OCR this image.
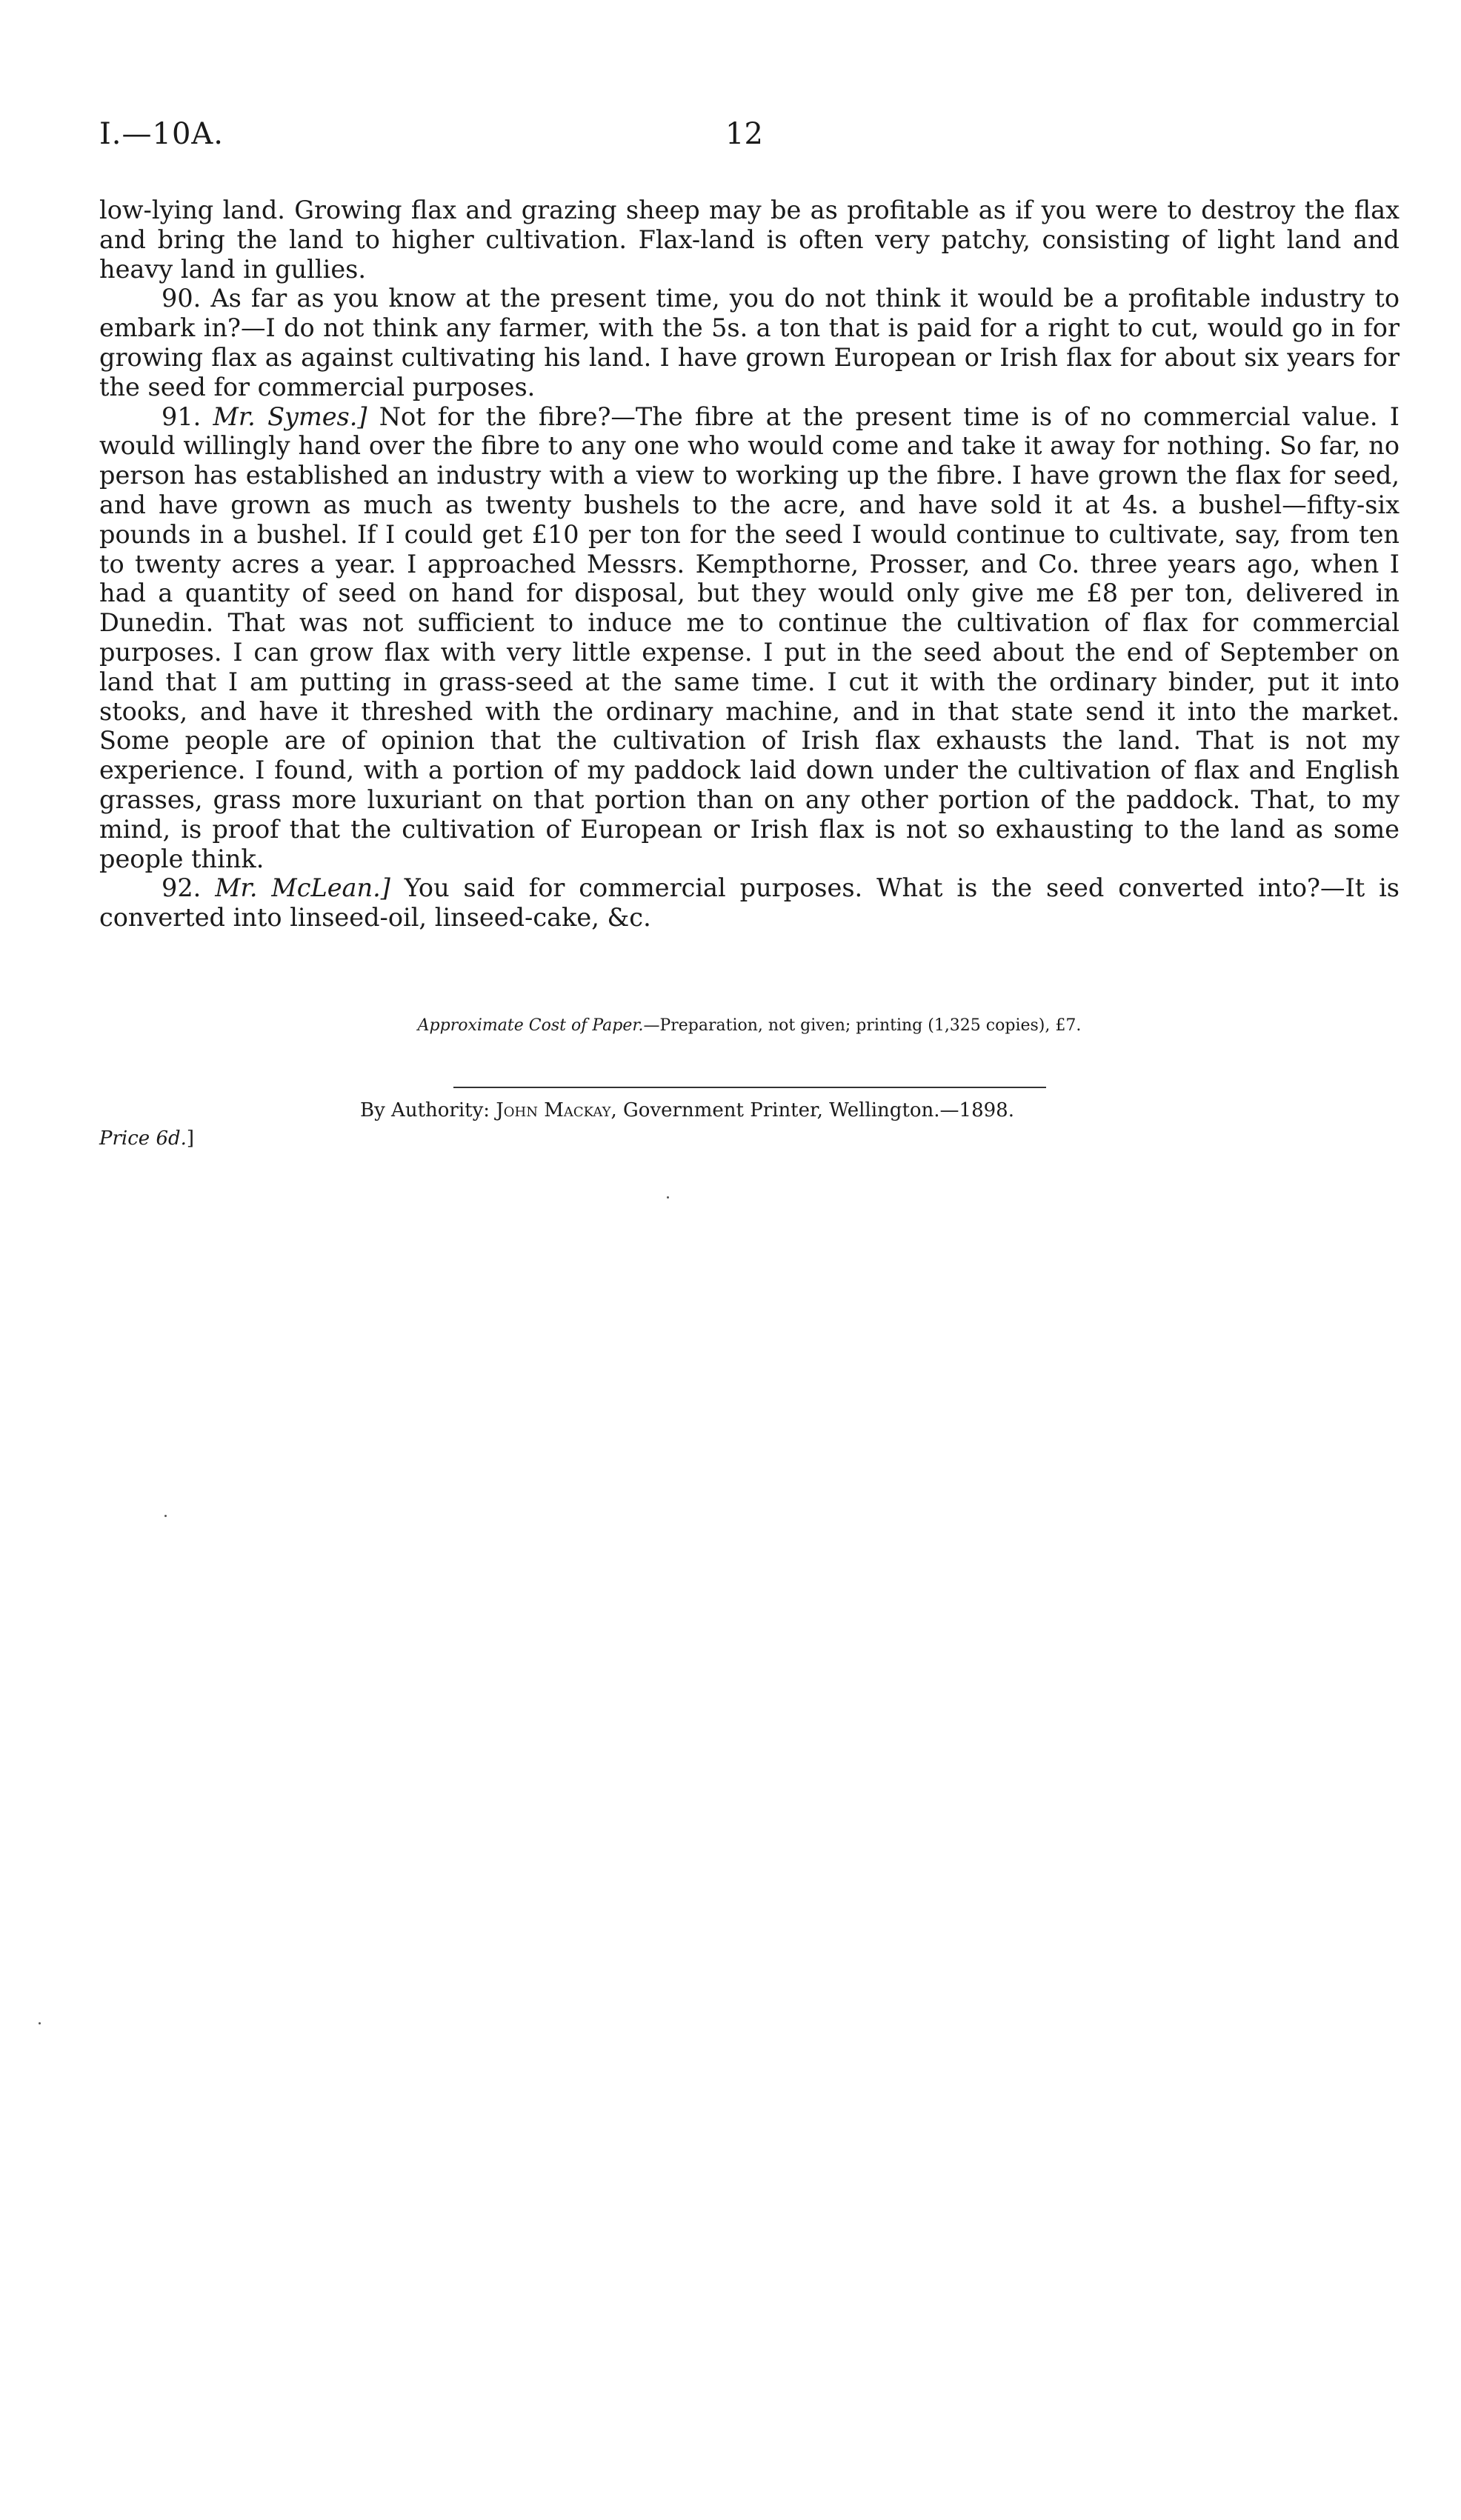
I.—10A.	12

low-lying land. Growing flax and grazing sheep may be as profitable as if you were to destroy the flax and bring the land to higher cultivation. Flax-land is often very patchy, consisting of light land and heavy land in gullies.

90. As far as you know at the present time, you do not think it would be a profitable industry to embark in?—I do not think any farmer, with the 5s. a ton that is paid for a right to cut, would go in for growing flax as against cultivating his land. I have grown European or Irish flax for about six years for the seed for commercial purposes.

91. Mr. Symes.] Not for the fibre?—The fibre at the present time is of no commercial value. I would willingly hand over the fibre to any one who would come and take it away for nothing. So far, no person has established an industry with a view to working up the fibre. I have grown the flax for seed, and have grown as much as twenty bushels to the acre, and have sold it at 4s. a bushel—fifty-six pounds in a bushel. If I could get £10 per ton for the seed I would continue to cultivate, say, from ten to twenty acres a year. I approached Messrs. Kempthorne, Prosser, and Co. three years ago, when I had a quantity of seed on hand for disposal, but they would only give me £8 per ton, delivered in Dunedin. That was not sufficient to induce me to continue the cultivation of flax for commercial purposes. I can grow flax with very little expense. I put in the seed about the end of September on land that I am putting in grass-seed at the same time. I cut it with the ordinary binder, put it into stooks, and have it threshed with the ordinary machine, and in that state send it into the market. Some people are of opinion that the cultivation of Irish flax exhausts the land. That is not my experience. I found, with a portion of my paddock laid down under the cultivation of flax and English grasses, grass more luxuriant on that portion than on any other portion of the paddock. That, to my mind, is proof that the cultivation of European or Irish flax is not so exhausting to the land as some people think.

92. Mr. McLean.] You said for commercial purposes. What is the seed converted into?—It is converted into linseed-oil, linseed-cake, &c.

Approximate Cost of Paper.—Preparation, not given; printing (1,325 copies), £7.
By Authority: John Mackay, Government Printer, Wellington.—1898.
Price 6d.]
